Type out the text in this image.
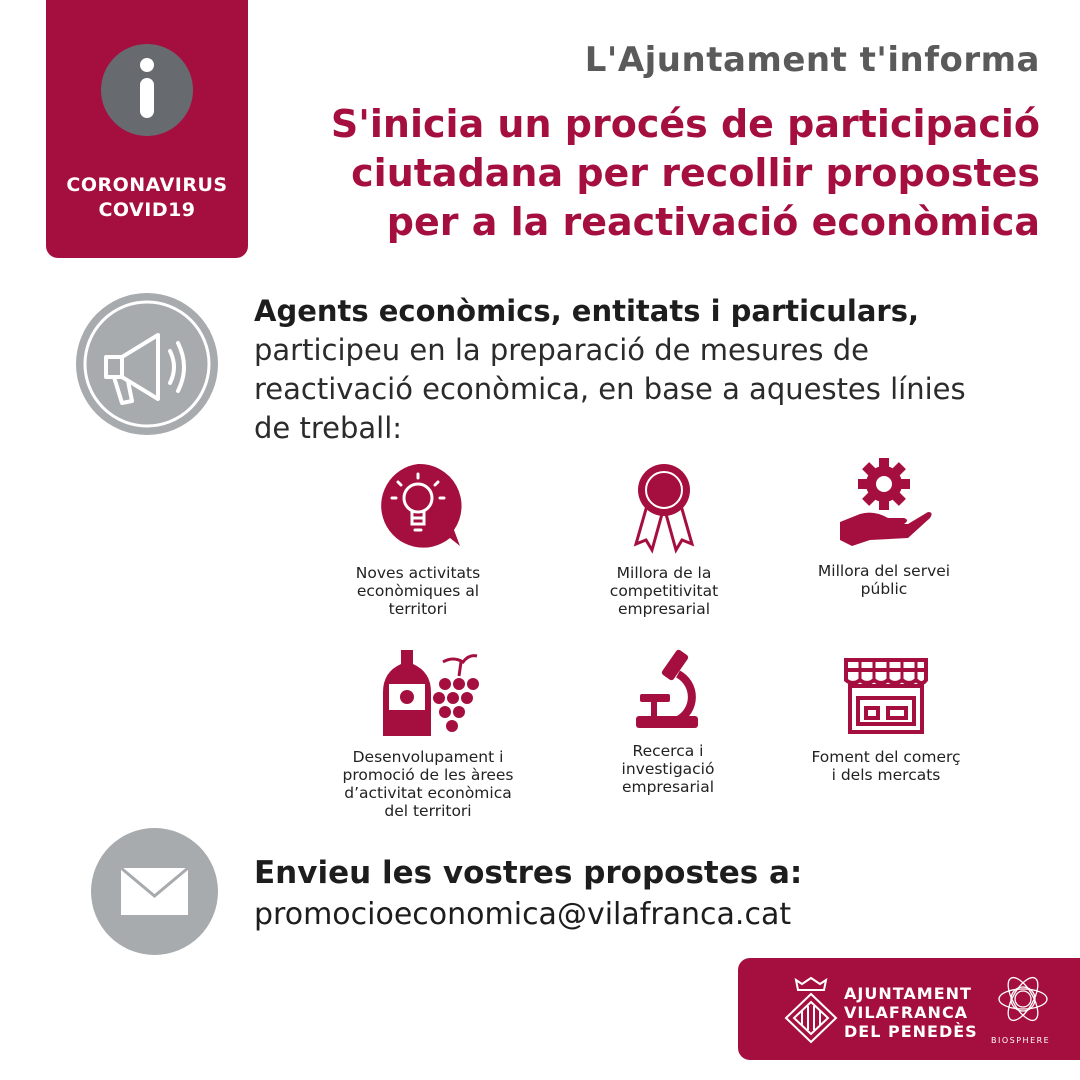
CORONAVIRUS
COVID19
L'Ajuntament t'informa
S'inicia un procés de participació
ciutadana per recollir propostes
per a la reactivació econòmica
Agents econòmics, entitats i particulars,
participeu en la preparació de mesures de
reactivació econòmica, en base a aquestes línies
de treball:
Noves activitats
econòmiques al
territori
Millora de la
competitivitat
empresarial
Millora del servei
públic
Desenvolupament i
promoció de les àrees
d’activitat econòmica
del territori
Recerca i
investigació
empresarial
Foment del comerç
i dels mercats
Envieu les vostres propostes a:
promocioeconomica@vilafranca.cat
AJUNTAMENT
VILAFRANCA
DEL PENEDÈS BIOSPHERE
